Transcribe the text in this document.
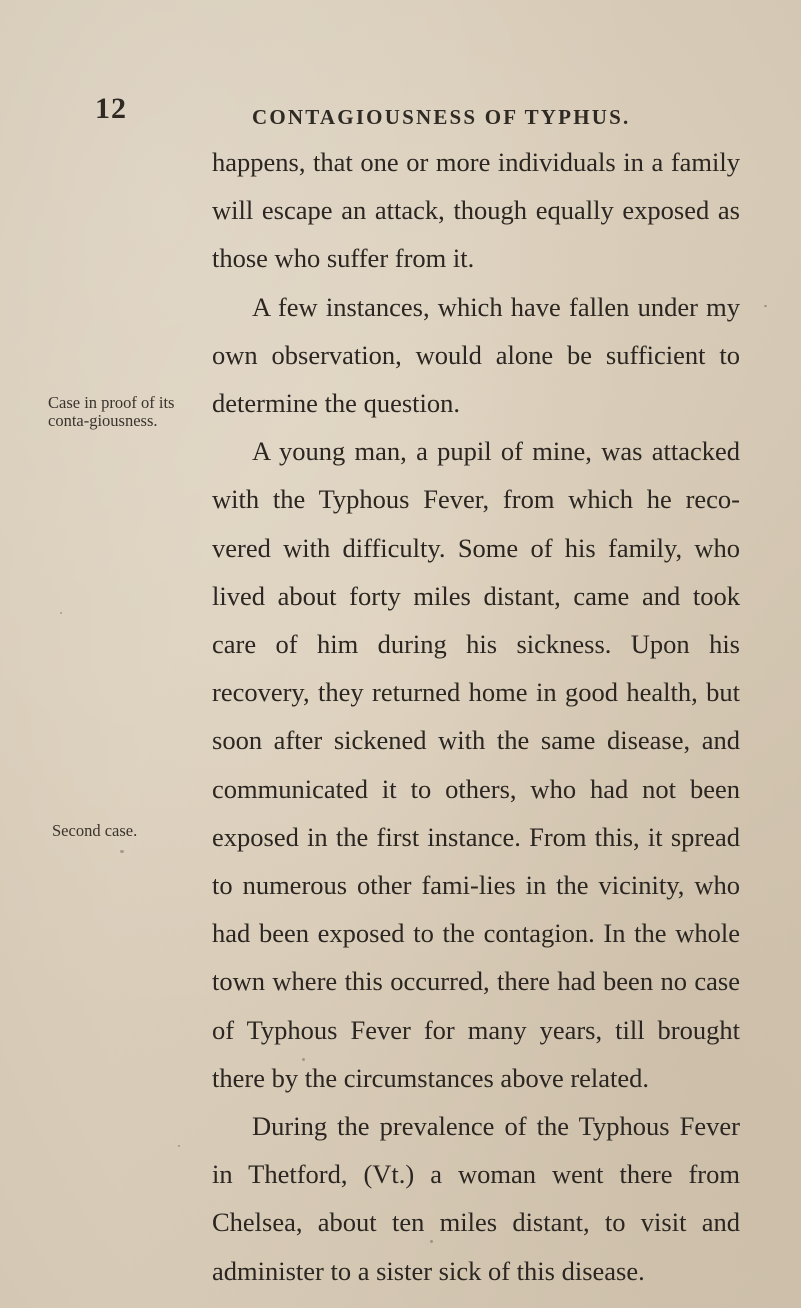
12	CONTAGIOUSNESS OF TYPHUS.

happens, that one or more individuals in a family will escape an attack, though equally exposed as those who suffer from it.

A few instances, which have fallen under my own observation, would alone be sufficient to determine the question.

A young man, a pupil of mine, was attacked with the Typhous Fever, from which he reco-vered with difficulty. Some of his family, who lived about forty miles distant, came and took care of him during his sickness. Upon his recovery, they returned home in good health, but soon after sickened with the same disease, and communicated it to others, who had not been exposed in the first instance. From this, it spread to numerous other fami-lies in the vicinity, who had been exposed to the contagion. In the whole town where this occurred, there had been no case of Typhous Fever for many years, till brought there by the circumstances above related.

During the prevalence of the Typhous Fever in Thetford, (Vt.) a woman went there from Chelsea, about ten miles distant, to visit and administer to a sister sick of this disease.

Case in proof of its conta-giousness.
Second case.
